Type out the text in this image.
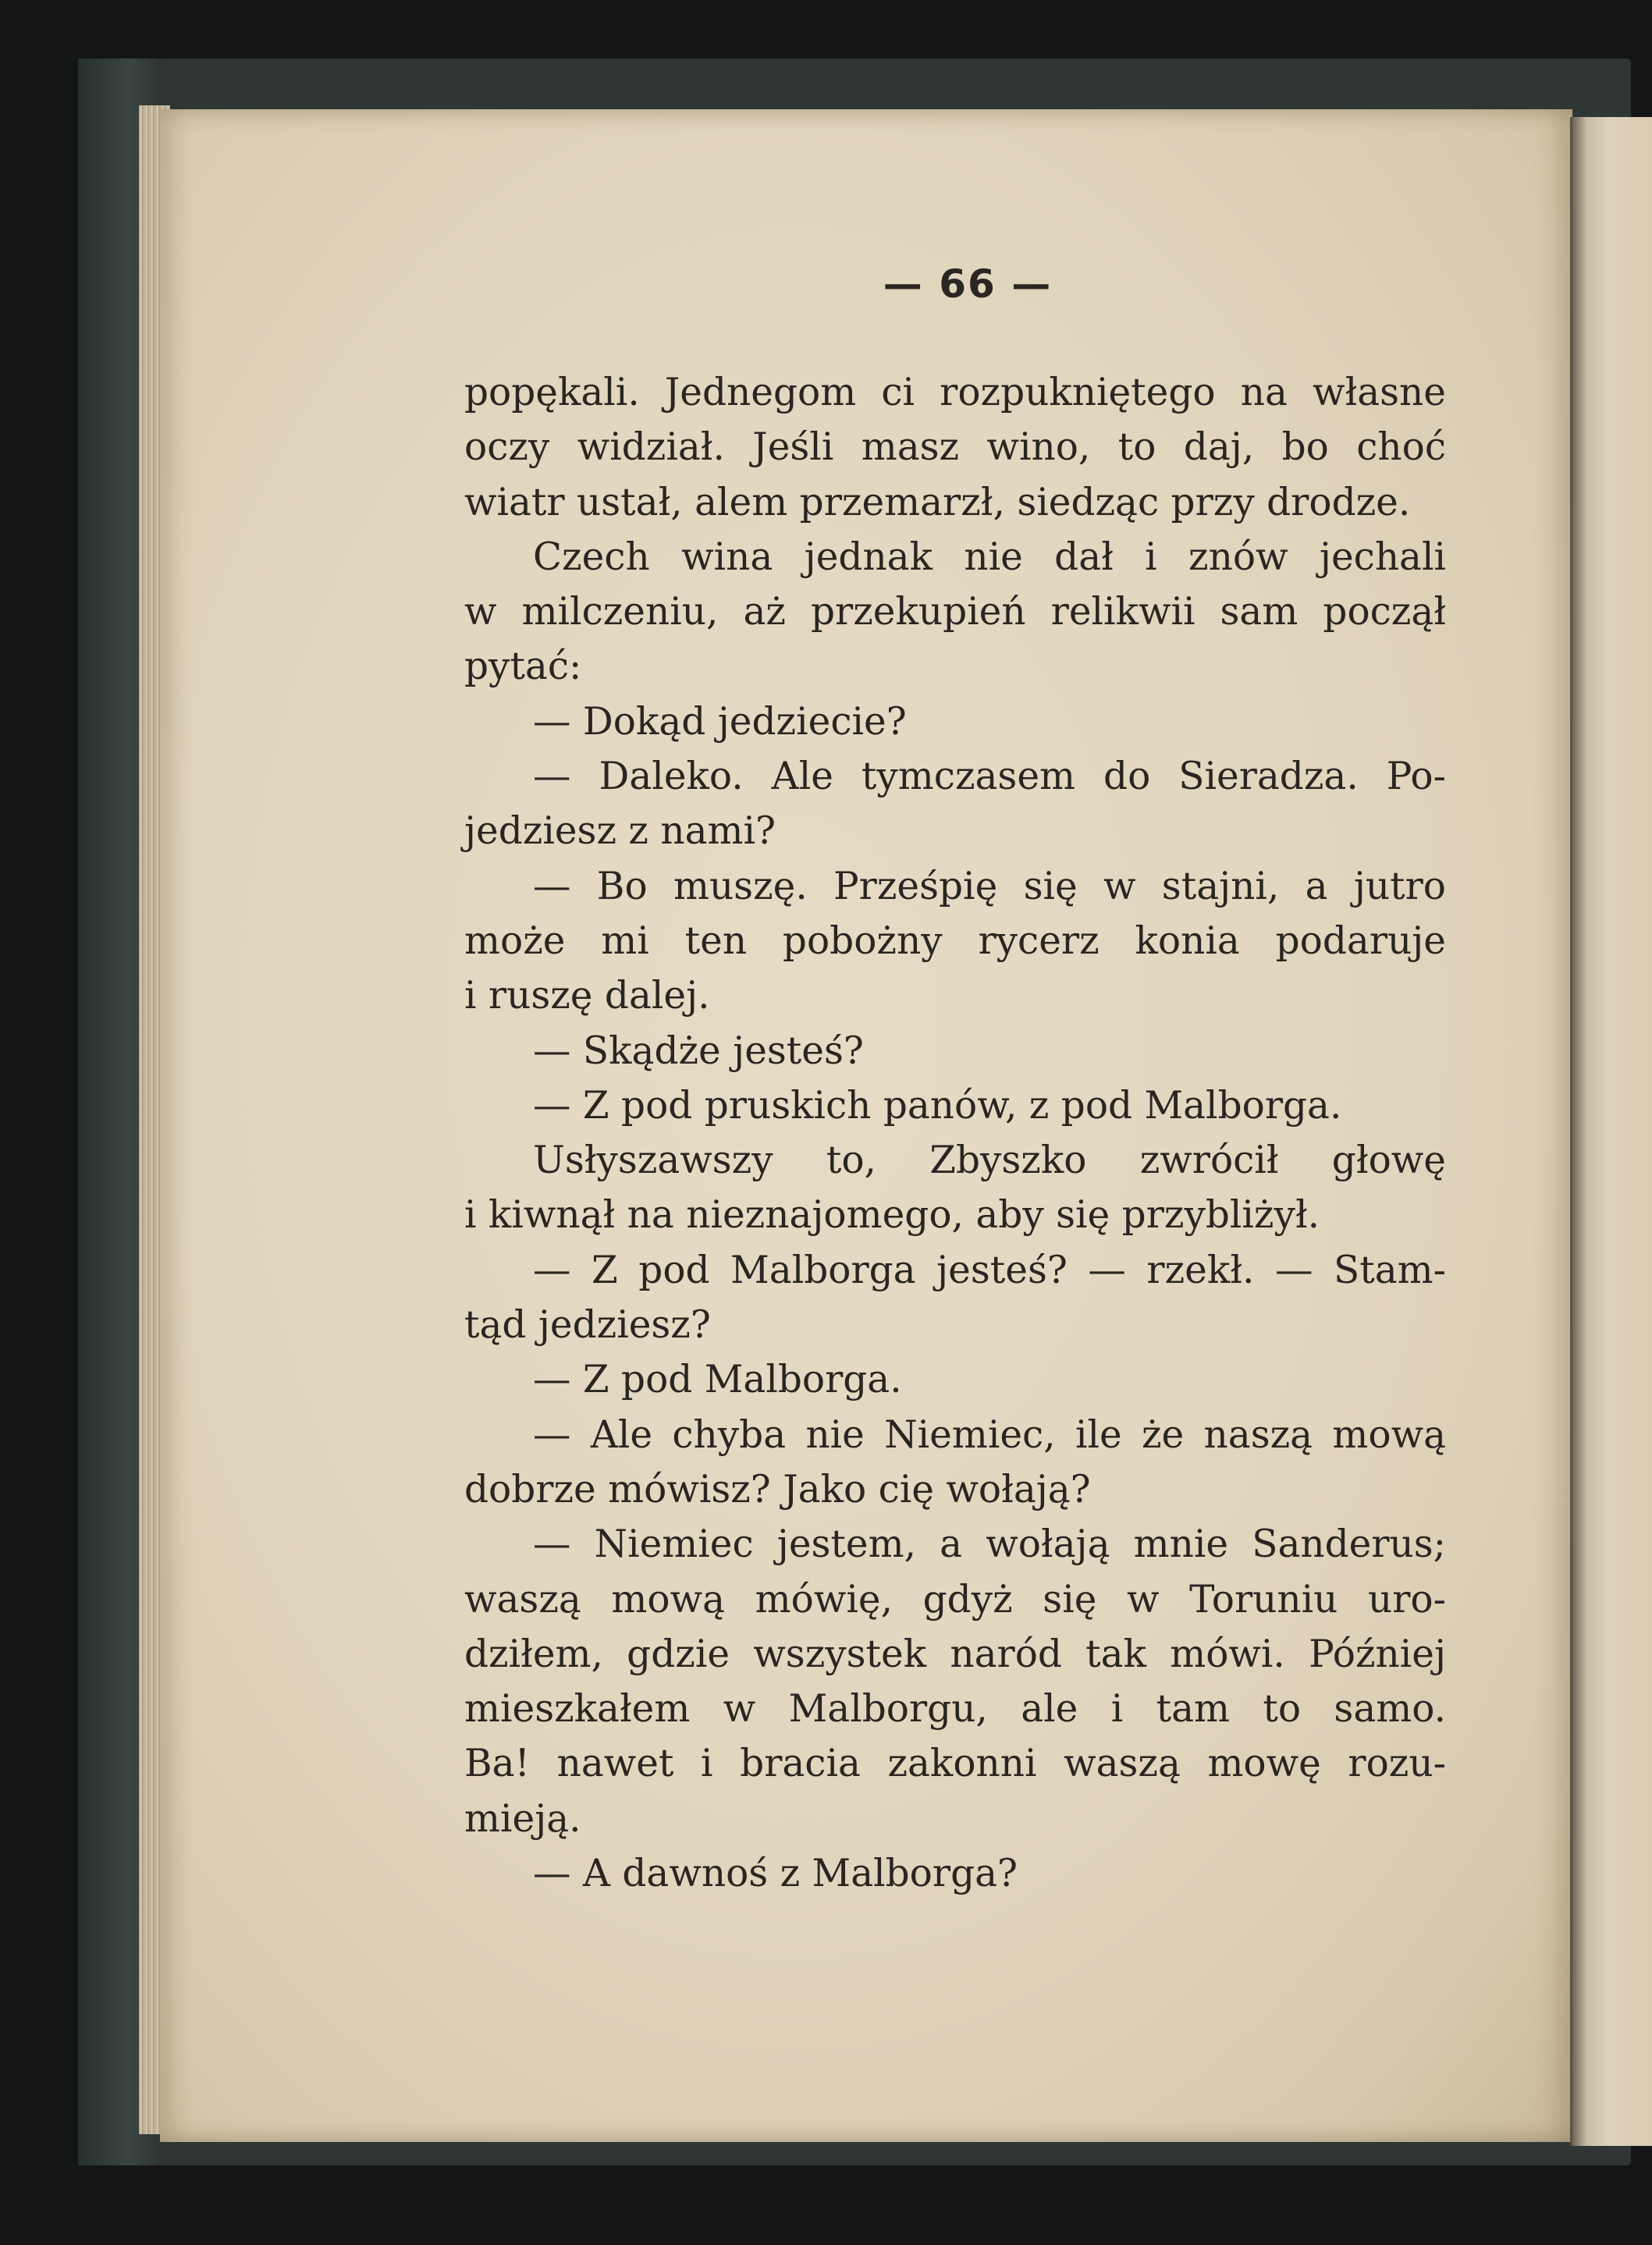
— 66 —
popękali. Jednegom ci rozpukniętego na własne
oczy widział. Jeśli masz wino, to daj, bo choć
wiatr ustał, alem przemarzł, siedząc przy drodze.
Czech wina jednak nie dał i znów jechali
w milczeniu, aż przekupień relikwii sam począł
pytać:
— Dokąd jedziecie?
— Daleko. Ale tymczasem do Sieradza. Po-
jedziesz z nami?
— Bo muszę. Prześpię się w stajni, a jutro
może mi ten pobożny rycerz konia podaruje
i ruszę dalej.
— Skądże jesteś?
— Z pod pruskich panów, z pod Malborga.
Usłyszawszy to, Zbyszko zwrócił głowę
i kiwnął na nieznajomego, aby się przybliżył.
— Z pod Malborga jesteś? — rzekł. — Stam-
tąd jedziesz?
— Z pod Malborga.
— Ale chyba nie Niemiec, ile że naszą mową
dobrze mówisz? Jako cię wołają?
— Niemiec jestem, a wołają mnie Sanderus;
waszą mową mówię, gdyż się w Toruniu uro-
dziłem, gdzie wszystek naród tak mówi. Później
mieszkałem w Malborgu, ale i tam to samo.
Ba! nawet i bracia zakonni waszą mowę rozu-
mieją.
— A dawnoś z Malborga?
